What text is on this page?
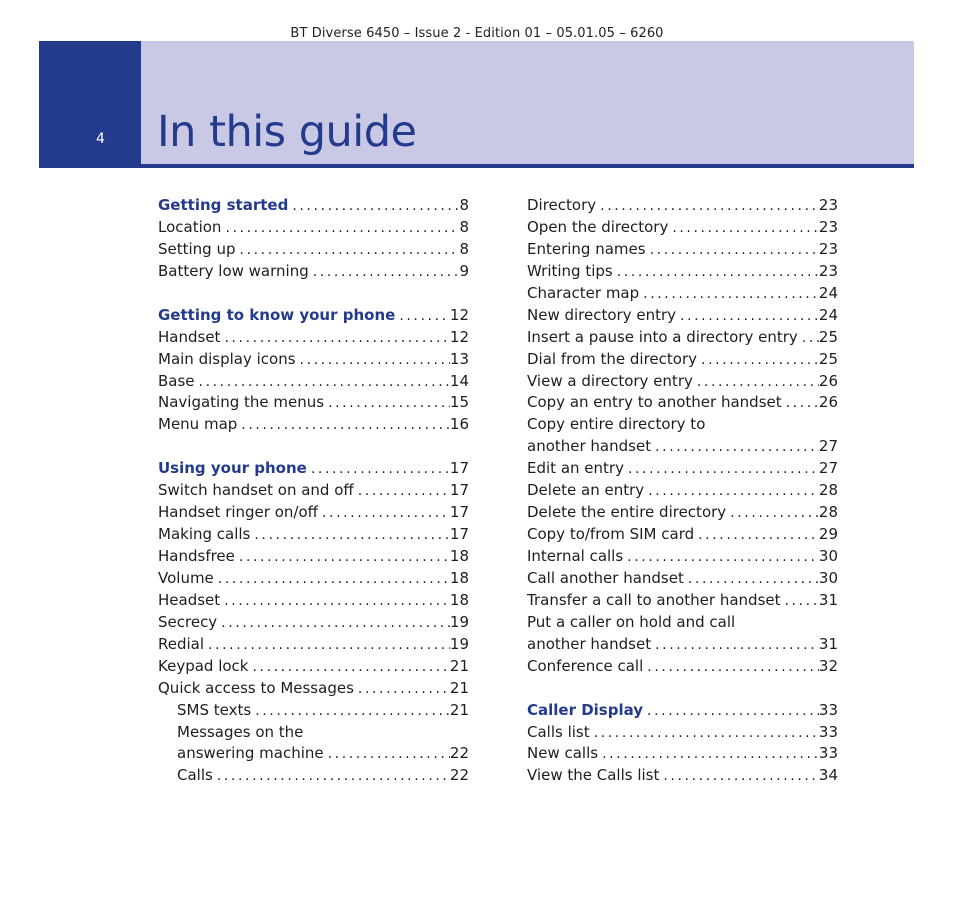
BT Diverse 6450 – Issue 2 - Edition 01 – 05.01.05 – 6260
4 In this guide
Getting started .....	8
Location .....	8
Setting up .....	8
Battery low warning .....	9
Getting to know your phone .....	12
Handset .....	12
Main display icons .....	13
Base .....	14
Navigating the menus .....	15
Menu map .....	16
Using your phone .....	17
Switch handset on and off .....	17
Handset ringer on/off .....	17
Making calls .....	17
Handsfree .....	18
Volume .....	18
Headset .....	18
Secrecy .....	19
Redial .....	19
Keypad lock .....	21
Quick access to Messages .....	21
SMS texts .....	21
Messages on the
answering machine .....	22
Calls .....	22
Directory .....	23
Open the directory .....	23
Entering names .....	23
Writing tips .....	23
Character map .....	24
New directory entry .....	24
Insert a pause into a directory entry ..... 25
Dial from the directory .....	25
View a directory entry .....	26
Copy an entry to another handset ..... 26
Copy entire directory to
another handset .....	27
Edit an entry .....	27
Delete an entry .....	28
Delete the entire directory .....	28
Copy to/from SIM card .....	29
Internal calls .....	30
Call another handset .....	30
Transfer a call to another handset .....	31
Put a caller on hold and call
another handset .....	31
Conference call .....	32
Caller Display .....	33
Calls list .....	33
New calls .....	33
View the Calls list .....	34
